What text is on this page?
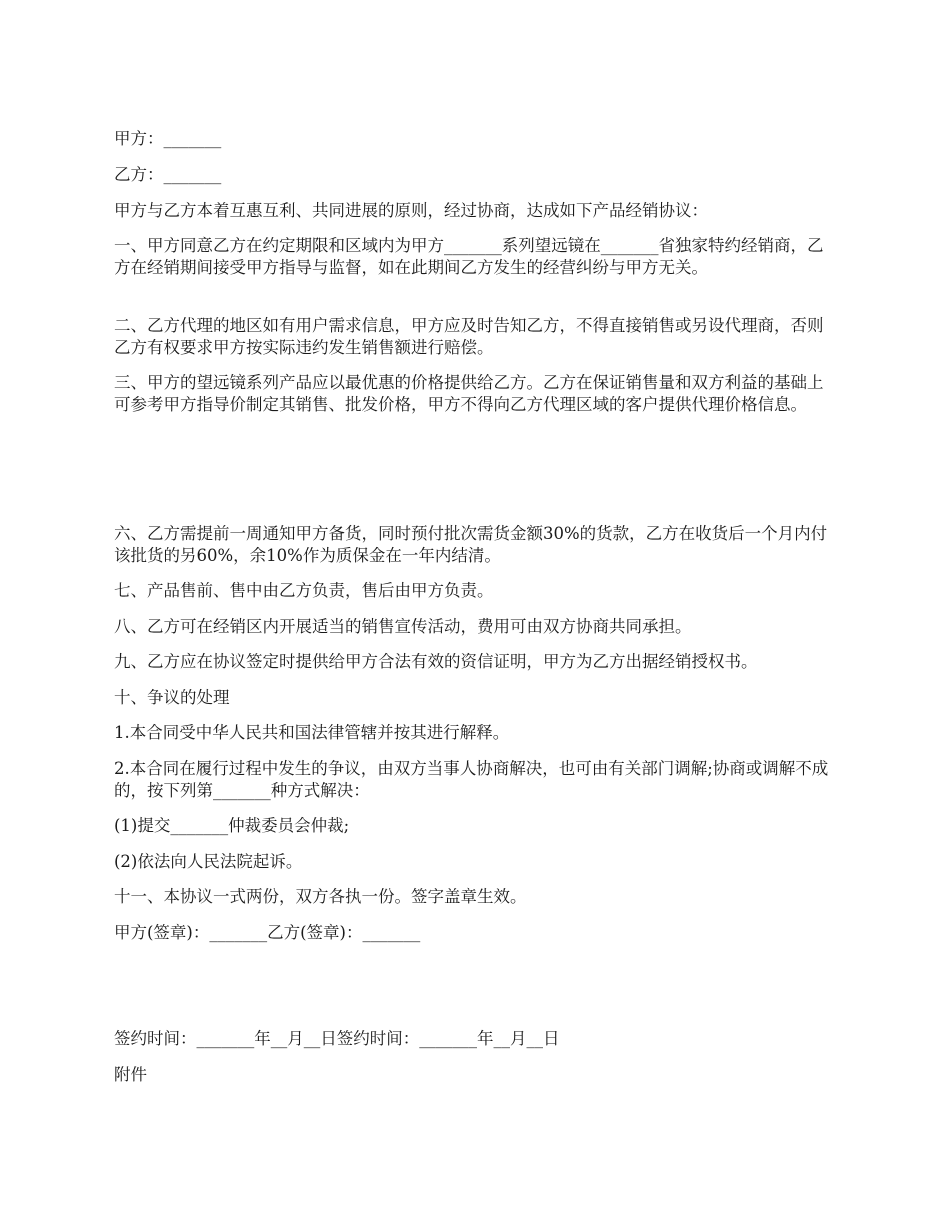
甲方：_______

乙方：_______

甲方与乙方本着互惠互利、共同进展的原则，经过协商，达成如下产品经销协议：

一、甲方同意乙方在约定期限和区域内为甲方_______系列望远镜在_______省独家特约经销商，乙方在经销期间接受甲方指导与监督，如在此期间乙方发生的经营纠纷与甲方无关。

二、乙方代理的地区如有用户需求信息，甲方应及时告知乙方，不得直接销售或另设代理商，否则乙方有权要求甲方按实际违约发生销售额进行赔偿。

三、甲方的望远镜系列产品应以最优惠的价格提供给乙方。乙方在保证销售量和双方利益的基础上可参考甲方指导价制定其销售、批发价格，甲方不得向乙方代理区域的客户提供代理价格信息。

六、乙方需提前一周通知甲方备货，同时预付批次需货金额30%的货款，乙方在收货后一个月内付该批货的另60%，余10%作为质保金在一年内结清。

七、产品售前、售中由乙方负责，售后由甲方负责。

八、乙方可在经销区内开展适当的销售宣传活动，费用可由双方协商共同承担。

九、乙方应在协议签定时提供给甲方合法有效的资信证明，甲方为乙方出据经销授权书。

十、争议的处理

1.本合同受中华人民共和国法律管辖并按其进行解释。

2.本合同在履行过程中发生的争议，由双方当事人协商解决，也可由有关部门调解;协商或调解不成的，按下列第_______种方式解决：

(1)提交_______仲裁委员会仲裁;

(2)依法向人民法院起诉。

十一、本协议一式两份，双方各执一份。签字盖章生效。

甲方(签章)：_______乙方(签章)：_______

签约时间：_______年__月__日签约时间：_______年__月__日

附件
